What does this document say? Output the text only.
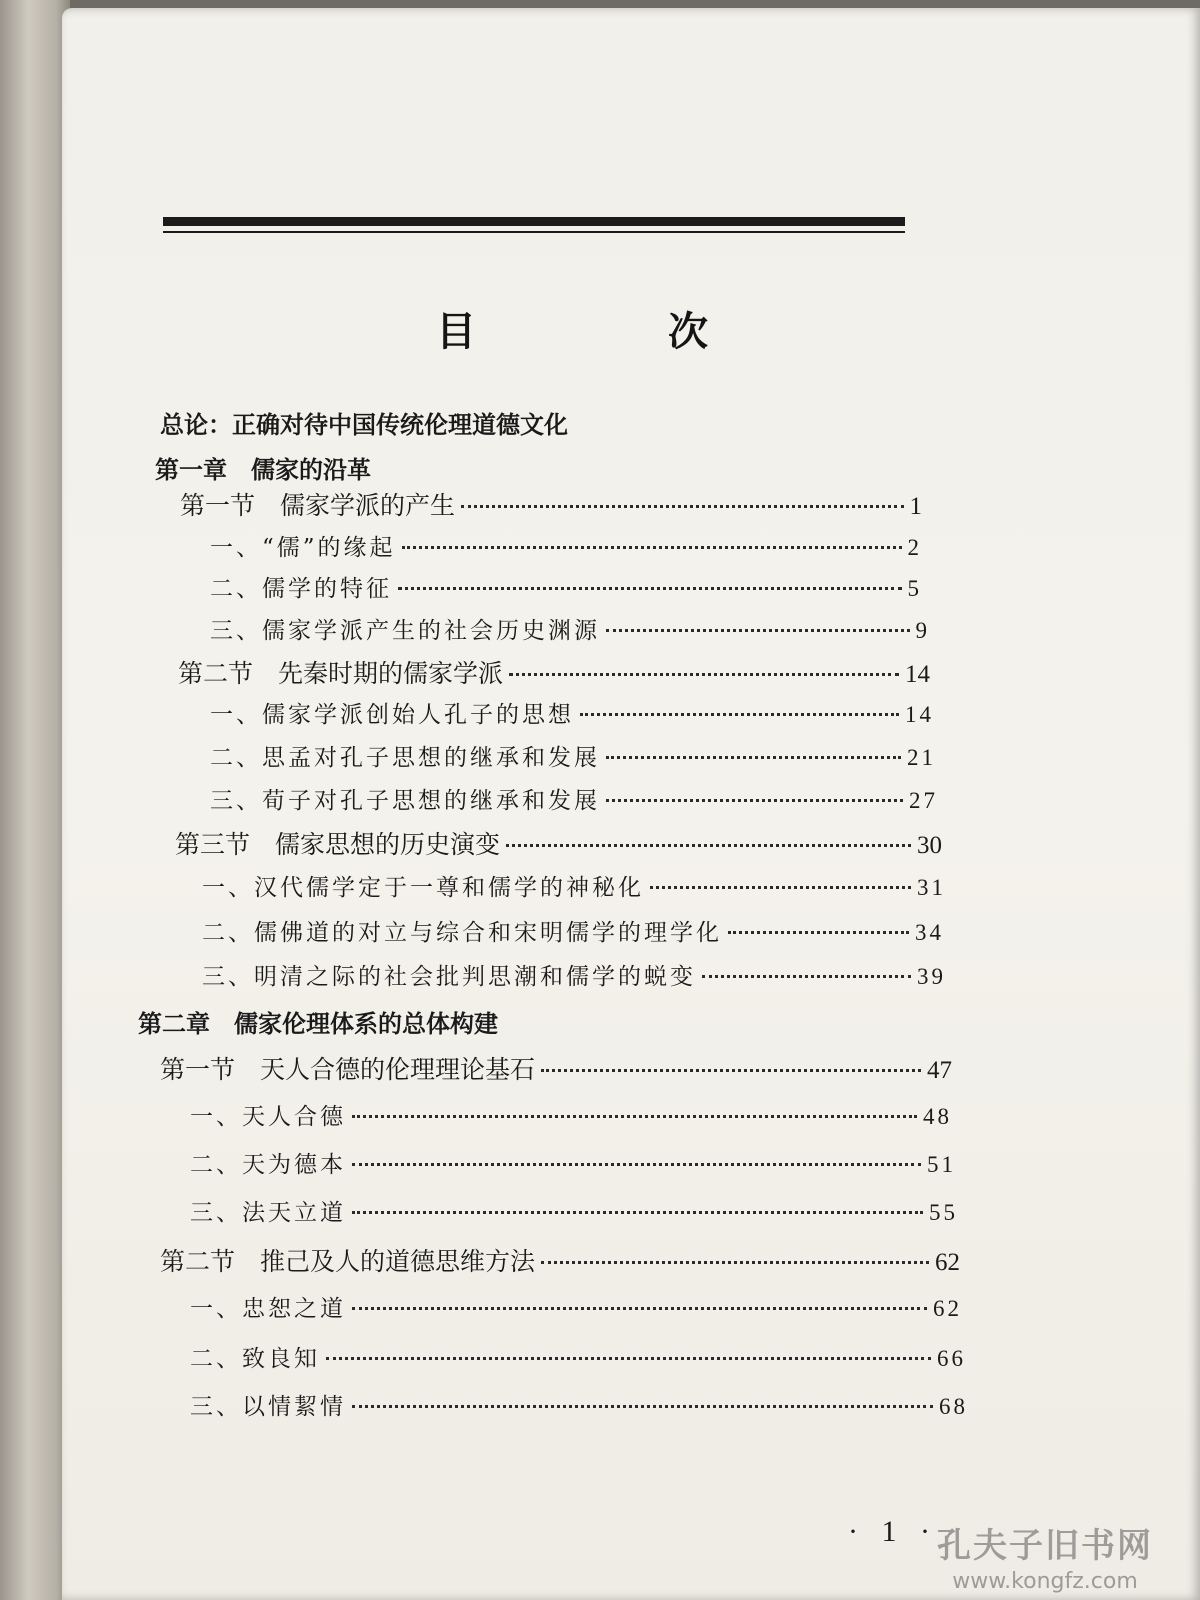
目　次
总论：正确对待中国传统伦理道德文化
第一章　儒家的沿革
第一节　儒家学派的产生	1
一、“儒”的缘起	2
二、儒学的特征	5
三、儒家学派产生的社会历史渊源	9
第二节　先秦时期的儒家学派	14
一、儒家学派创始人孔子的思想	14
二、思孟对孔子思想的继承和发展	21
三、荀子对孔子思想的继承和发展	27
第三节　儒家思想的历史演变	30
一、汉代儒学定于一尊和儒学的神秘化	31
二、儒佛道的对立与综合和宋明儒学的理学化	34
三、明清之际的社会批判思潮和儒学的蜕变	39
第二章　儒家伦理体系的总体构建
第一节　天人合德的伦理理论基石	47
一、天人合德	48
二、天为德本	51
三、法天立道	55
第二节　推己及人的道德思维方法	62
一、忠恕之道	62
二、致良知	66
三、以情絜情	68
· 1 · 孔夫子旧书网
www.kongfz.com
